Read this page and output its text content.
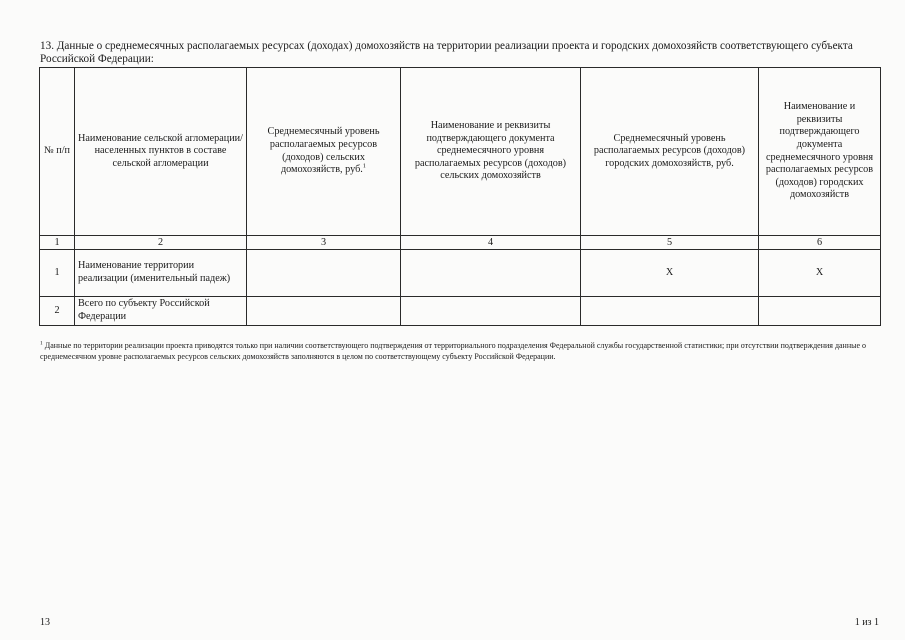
13. Данные о среднемесячных располагаемых ресурсах (доходах) домохозяйств на территории реализации проекта и городских домохозяйств соответствующего субъекта Российской Федерации:
№ п/п	Наименование сельской агломерации/населенных пунктов в составе сельской агломерации	Среднемесячный уровень располагаемых ресурсов (доходов) сельских домохозяйств, руб.$^1$	Наименование и реквизиты подтверждающего документа среднемесячного уровня располагаемых ресурсов (доходов) сельских домохозяйств	Среднемесячный уровень располагаемых ресурсов (доходов) городских домохозяйств, руб.	Наименование и реквизиты подтверждающего документа среднемесячного уровня располагаемых ресурсов (доходов) городских домохозяйств
1	2	3	4	5	6
1	Наименование территории реализации (именительный падеж)			X	X
2	Всего по субъекту Российской Федерации				
$^1$ Данные по территории реализации проекта приводятся только при наличии соответствующего подтверждения от территориального подразделения Федеральной службы государственной статистики; при отсутствии подтверждения данные о среднемесячном уровне располагаемых ресурсов сельских домохозяйств заполняются в целом по соответствующему субъекту Российской Федерации.
13	1 из 1
